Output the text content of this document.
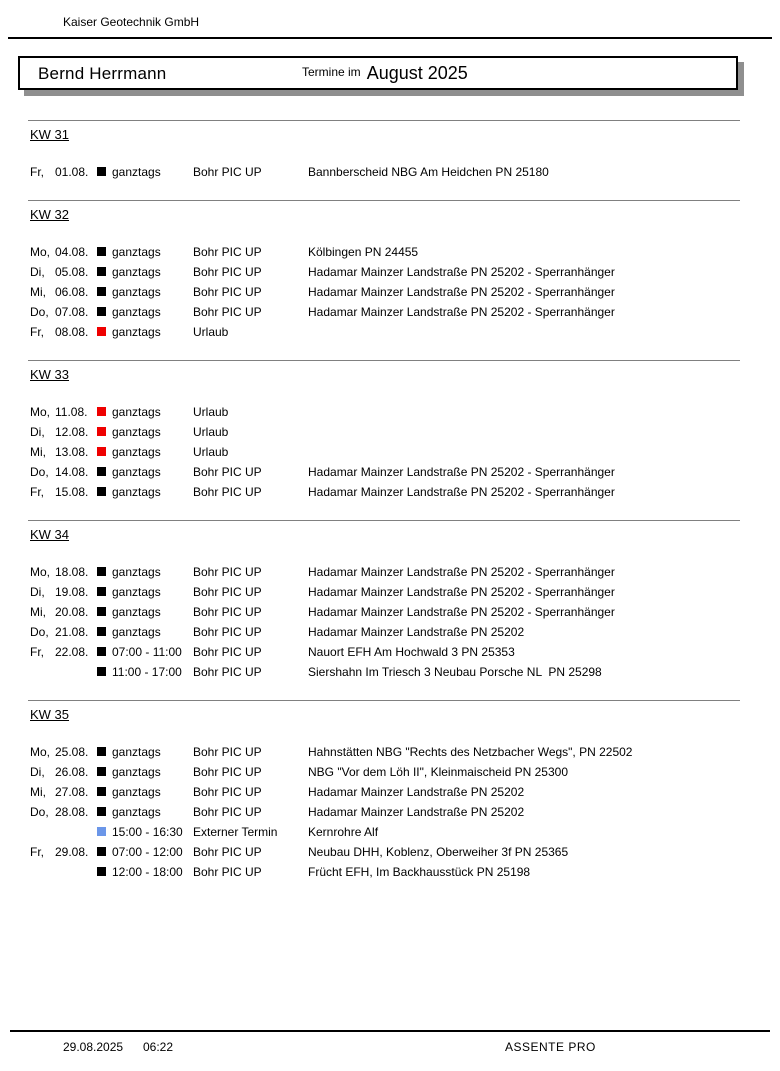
Kaiser Geotechnik GmbH
Bernd Herrmann	Termine im August 2025
KW 31
Fr, 01.08. ganztags	Bohr PIC UP	Bannberscheid NBG Am Heidchen PN 25180
KW 32
Mo, 04.08. ganztags	Bohr PIC UP	Kölbingen PN 24455
Di, 05.08. ganztags	Bohr PIC UP	Hadamar Mainzer Landstraße PN 25202 - Sperranhänger
Mi, 06.08. ganztags	Bohr PIC UP	Hadamar Mainzer Landstraße PN 25202 - Sperranhänger
Do, 07.08. ganztags	Bohr PIC UP	Hadamar Mainzer Landstraße PN 25202 - Sperranhänger
Fr, 08.08. ganztags	Urlaub
KW 33
Mo, 11.08. ganztags	Urlaub
Di, 12.08. ganztags	Urlaub
Mi, 13.08. ganztags	Urlaub
Do, 14.08. ganztags	Bohr PIC UP	Hadamar Mainzer Landstraße PN 25202 - Sperranhänger
Fr, 15.08. ganztags	Bohr PIC UP	Hadamar Mainzer Landstraße PN 25202 - Sperranhänger
KW 34
Mo, 18.08. ganztags	Bohr PIC UP	Hadamar Mainzer Landstraße PN 25202 - Sperranhänger
Di, 19.08. ganztags	Bohr PIC UP	Hadamar Mainzer Landstraße PN 25202 - Sperranhänger
Mi, 20.08. ganztags	Bohr PIC UP	Hadamar Mainzer Landstraße PN 25202 - Sperranhänger
Do, 21.08. ganztags	Bohr PIC UP	Hadamar Mainzer Landstraße PN 25202
Fr, 22.08. 07:00 - 11:00 Bohr PIC UP	Nauort EFH Am Hochwald 3 PN 25353
11:00 - 17:00 Bohr PIC UP	Siershahn Im Triesch 3 Neubau Porsche NL  PN 25298
KW 35
Mo, 25.08. ganztags	Bohr PIC UP	Hahnstätten NBG "Rechts des Netzbacher Wegs", PN 22502
Di, 26.08. ganztags	Bohr PIC UP	NBG "Vor dem Löh II", Kleinmaischeid PN 25300
Mi, 27.08. ganztags	Bohr PIC UP	Hadamar Mainzer Landstraße PN 25202
Do, 28.08. ganztags	Bohr PIC UP	Hadamar Mainzer Landstraße PN 25202
15:00 - 16:30 Externer Termin	Kernrohre Alf
Fr, 29.08. 07:00 - 12:00 Bohr PIC UP	Neubau DHH, Koblenz, Oberweiher 3f PN 25365
12:00 - 18:00 Bohr PIC UP	Frücht EFH, Im Backhausstück PN 25198
29.08.2025 06:22	ASSENTE PRO
